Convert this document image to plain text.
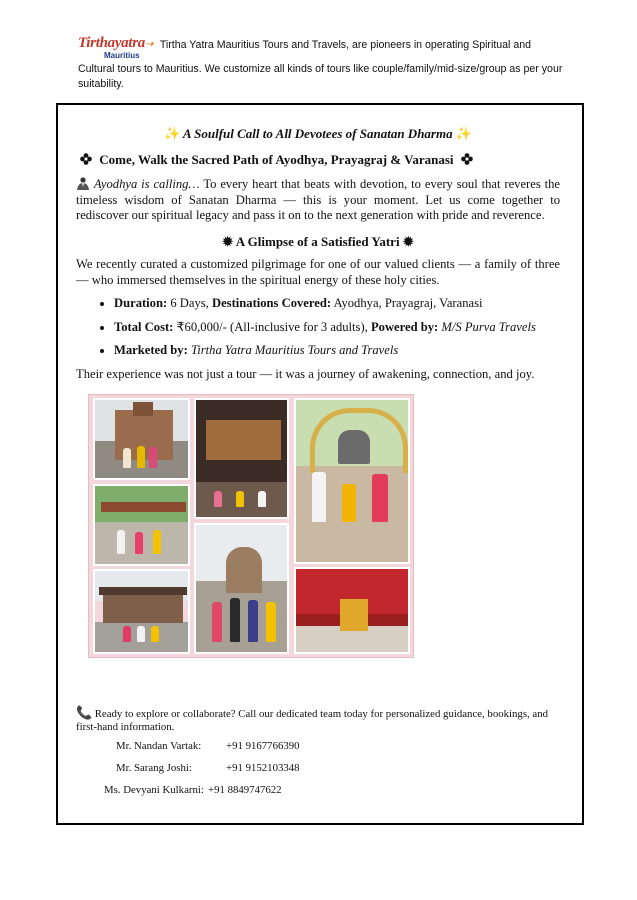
Tirthayatra➝
Mauritius
Tirtha Yatra Mauritius Tours and Travels, are pioneers in operating Spiritual and Cultural tours to Mauritius. We customize all kinds of tours like couple/family/mid-size/group as per your suitability.
✨ A Soulful Call to All Devotees of Sanatan Dharma ✨
Come, Walk the Sacred Path of Ayodhya, Prayagraj & Varanasi

Ayodhya is calling… To every heart that beats with devotion, to every soul that reveres the timeless wisdom of Sanatan Dharma — this is your moment. Let us come together to rediscover our spiritual legacy and pass it on to the next generation with pride and reverence.

✹ A Glimpse of a Satisfied Yatri ✹

We recently curated a customized pilgrimage for one of our valued clients — a family of three — who immersed themselves in the spiritual energy of these holy cities.

• Duration: 6 Days, Destinations Covered: Ayodhya, Prayagraj, Varanasi
• Total Cost: ₹60,000/- (All-inclusive for 3 adults), Powered by: M/S Purva Travels
• Marketed by: Tirtha Yatra Mauritius Tours and Travels

Their experience was not just a tour — it was a journey of awakening, connection, and joy.

📞 Ready to explore or collaborate? Call our dedicated team today for personalized guidance, bookings, and first-hand information.

Mr. Nandan Vartak:	+91 9167766390
Mr. Sarang Joshi:	+91 9152103348
Ms. Devyani Kulkarni: +91 8849747622
